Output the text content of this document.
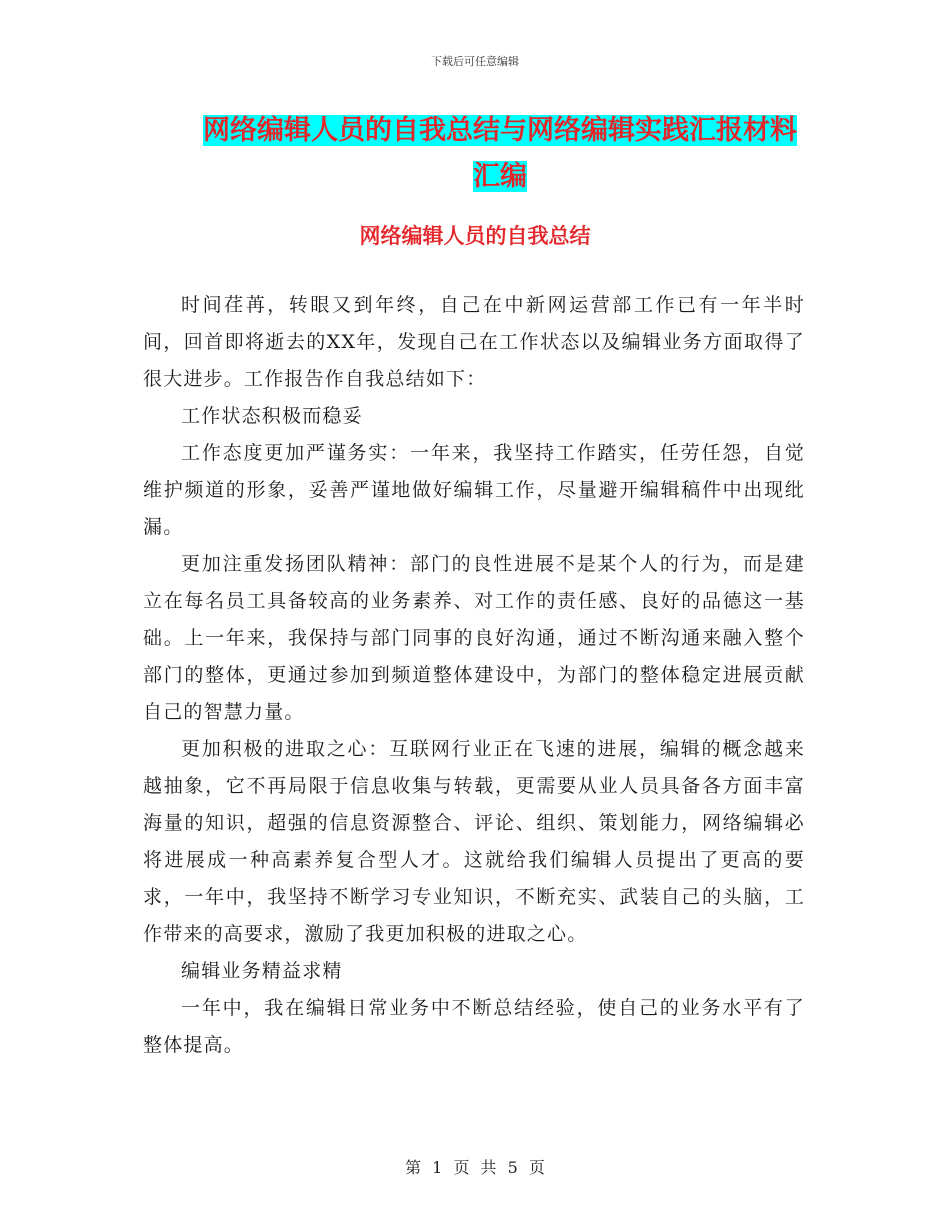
下载后可任意编辑
网络编辑人员的自我总结与网络编辑实践汇报材料汇编
网络编辑人员的自我总结

时间荏苒，转眼又到年终，自己在中新网运营部工作已有一年半时间，回首即将逝去的XX年，发现自己在工作状态以及编辑业务方面取得了很大进步。工作报告作自我总结如下：

工作状态积极而稳妥

工作态度更加严谨务实：一年来，我坚持工作踏实，任劳任怨，自觉维护频道的形象，妥善严谨地做好编辑工作，尽量避开编辑稿件中出现纰漏。

更加注重发扬团队精神：部门的良性进展不是某个人的行为，而是建立在每名员工具备较高的业务素养、对工作的责任感、良好的品德这一基础。上一年来，我保持与部门同事的良好沟通，通过不断沟通来融入整个部门的整体，更通过参加到频道整体建设中，为部门的整体稳定进展贡献自己的智慧力量。

更加积极的进取之心：互联网行业正在飞速的进展，编辑的概念越来越抽象，它不再局限于信息收集与转载，更需要从业人员具备各方面丰富海量的知识，超强的信息资源整合、评论、组织、策划能力，网络编辑必将进展成一种高素养复合型人才。这就给我们编辑人员提出了更高的要求，一年中，我坚持不断学习专业知识，不断充实、武装自己的头脑，工作带来的高要求，激励了我更加积极的进取之心。

编辑业务精益求精

一年中，我在编辑日常业务中不断总结经验，使自己的业务水平有了整体提高。

第 1 页 共 5 页
